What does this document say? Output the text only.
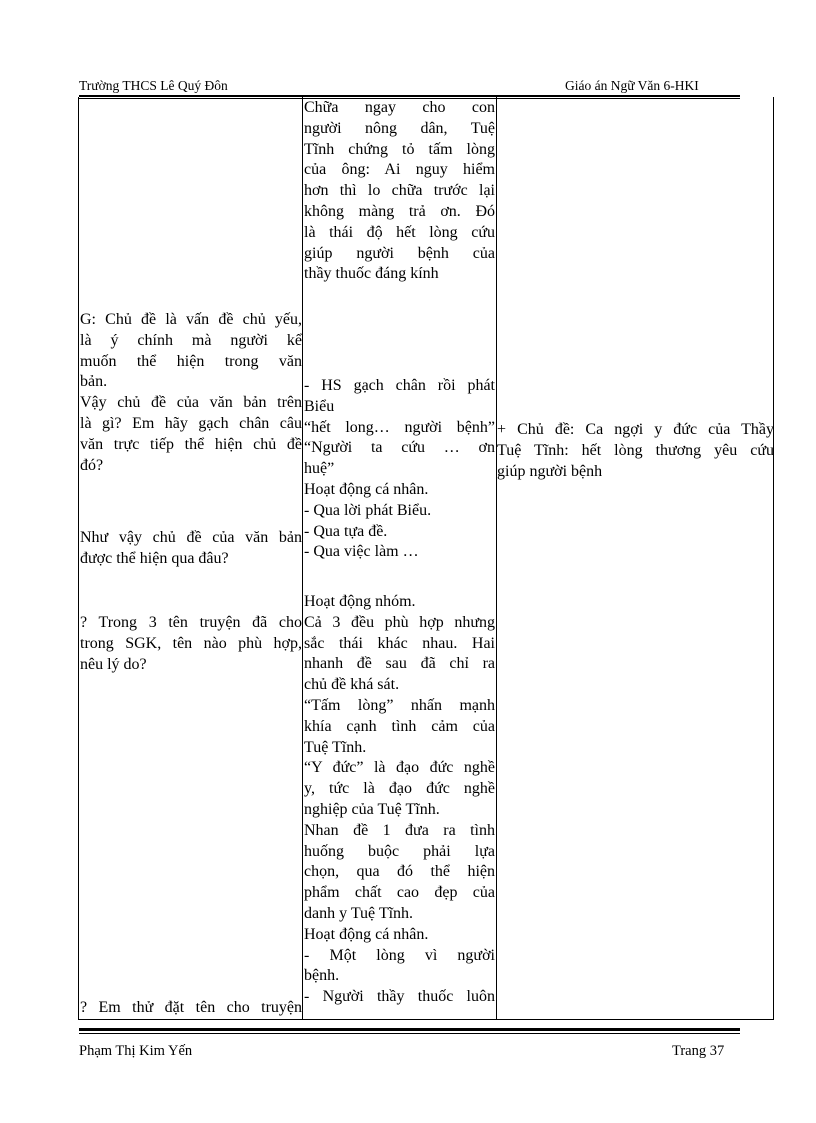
Trường THCS Lê Quý Đôn	Giáo án Ngữ Văn 6-HKI
G: Chủ đề là vấn đề chủ yếu,
là ý chính mà người kể
muốn thể hiện trong văn
bản.
Vậy chủ đề của văn bản trên
là gì? Em hãy gạch chân câu
văn trực tiếp thể hiện chủ đề
đó?
Như vậy chủ đề của văn bản
được thể hiện qua đâu?
? Trong 3 tên truyện đã cho
trong SGK, tên nào phù hợp,
nêu lý do?
? Em thử đặt tên cho truyện
Chữa ngay cho con
người nông dân, Tuệ
Tĩnh chứng tỏ tấm lòng
của ông: Ai nguy hiểm
hơn thì lo chữa trước lại
không màng trả ơn. Đó
là thái độ hết lòng cứu
giúp người bệnh của
thầy thuốc đáng kính
- HS gạch chân rồi phát
Biểu
“hết long… người bệnh”
“Người ta cứu … ơn
huệ”
Hoạt động cá nhân.
- Qua lời phát Biểu.
- Qua tựa đề.
- Qua việc làm …
Hoạt động nhóm.
Cả 3 đều phù hợp nhưng
sắc thái khác nhau. Hai
nhanh đề sau đã chỉ ra
chủ đề khá sát.
“Tấm lòng” nhấn mạnh
khía cạnh tình cảm của
Tuệ Tĩnh.
“Y đức” là đạo đức nghề
y, tức là đạo đức nghề
nghiệp của Tuệ Tĩnh.
Nhan đề 1 đưa ra tình
huống buộc phải lựa
chọn, qua đó thể hiện
phẩm chất cao đẹp của
danh y Tuệ Tĩnh.
Hoạt động cá nhân.
- Một lòng vì người
bệnh.
- Người thầy thuốc luôn
+ Chủ đề: Ca ngợi y đức của Thầy
Tuệ Tĩnh: hết lòng thương yêu cứu
giúp người bệnh
Phạm Thị Kim Yến	Trang 37
